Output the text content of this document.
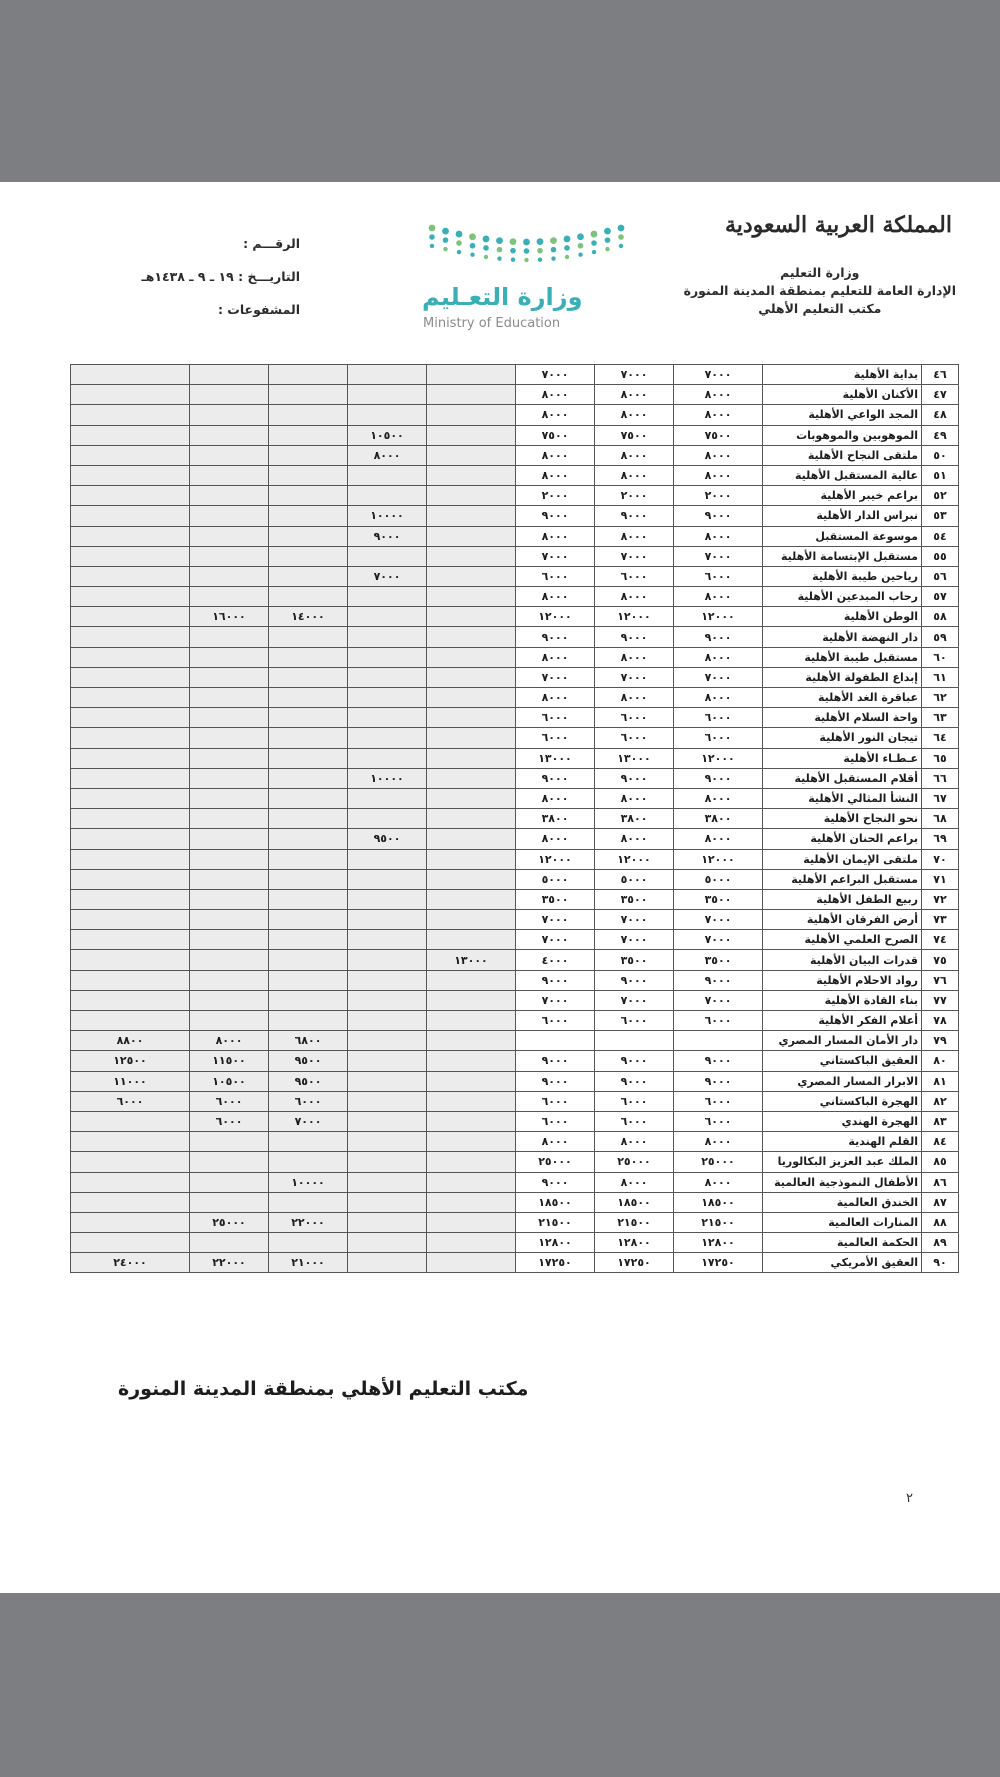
المملكة العربية السعودية
وزارة التعليم
الإدارة العامة للتعليم بمنطقة المدينة المنورة
مكتب التعليم الأهلي
وزارة التعـليم
Ministry of Education
الرقـــم :
التاريـــخ : ١٩ ـ ٩ ـ ١٤٣٨هـ
المشفوعات :
٤٦	بداية الأهلية	٧٠٠٠	٧٠٠٠	٧٠٠٠					
٤٧	الأكنان الأهلية	٨٠٠٠	٨٠٠٠	٨٠٠٠					
٤٨	المجد الواعي الأهلية	٨٠٠٠	٨٠٠٠	٨٠٠٠					
٤٩	الموهوبين والموهوبات	٧٥٠٠	٧٥٠٠	٧٥٠٠		١٠٥٠٠			
٥٠	ملتقى النجاح الأهلية	٨٠٠٠	٨٠٠٠	٨٠٠٠		٨٠٠٠			
٥١	عالية المستقبل الأهلية	٨٠٠٠	٨٠٠٠	٨٠٠٠					
٥٢	براعم خيبر الأهلية	٢٠٠٠	٢٠٠٠	٢٠٠٠					
٥٣	نبراس الدار الأهلية	٩٠٠٠	٩٠٠٠	٩٠٠٠		١٠٠٠٠			
٥٤	موسوعة المستقبل	٨٠٠٠	٨٠٠٠	٨٠٠٠		٩٠٠٠			
٥٥	مستقبل الإبتسامة الأهلية	٧٠٠٠	٧٠٠٠	٧٠٠٠					
٥٦	رياحين طيبة الأهلية	٦٠٠٠	٦٠٠٠	٦٠٠٠		٧٠٠٠			
٥٧	رحاب المبدعين الأهلية	٨٠٠٠	٨٠٠٠	٨٠٠٠					
٥٨	الوطن الأهلية	١٢٠٠٠	١٢٠٠٠	١٢٠٠٠			١٤٠٠٠	١٦٠٠٠	
٥٩	دار النهضة الأهلية	٩٠٠٠	٩٠٠٠	٩٠٠٠					
٦٠	مستقبل طيبة الأهلية	٨٠٠٠	٨٠٠٠	٨٠٠٠					
٦١	إبداع الطفولة الأهلية	٧٠٠٠	٧٠٠٠	٧٠٠٠					
٦٢	عباقرة الغد الأهلية	٨٠٠٠	٨٠٠٠	٨٠٠٠					
٦٣	واحة السلام الأهلية	٦٠٠٠	٦٠٠٠	٦٠٠٠					
٦٤	تيجان النور الأهلية	٦٠٠٠	٦٠٠٠	٦٠٠٠					
٦٥	عـطـاء الأهلية	١٢٠٠٠	١٣٠٠٠	١٣٠٠٠					
٦٦	أقلام المستقبل الأهلية	٩٠٠٠	٩٠٠٠	٩٠٠٠		١٠٠٠٠			
٦٧	النشأ المثالي الأهلية	٨٠٠٠	٨٠٠٠	٨٠٠٠					
٦٨	نحو النجاح الأهلية	٣٨٠٠	٣٨٠٠	٣٨٠٠					
٦٩	براعم الحنان الأهلية	٨٠٠٠	٨٠٠٠	٨٠٠٠		٩٥٠٠			
٧٠	ملتقى الإيمان الأهلية	١٢٠٠٠	١٢٠٠٠	١٢٠٠٠					
٧١	مستقبل البراعم الأهلية	٥٠٠٠	٥٠٠٠	٥٠٠٠					
٧٢	ربيع الطفل الأهلية	٣٥٠٠	٣٥٠٠	٣٥٠٠					
٧٣	أرض الفرقان الأهلية	٧٠٠٠	٧٠٠٠	٧٠٠٠					
٧٤	الصرح العلمي الأهلية	٧٠٠٠	٧٠٠٠	٧٠٠٠					
٧٥	قدرات البيان الأهلية	٣٥٠٠	٣٥٠٠	٤٠٠٠	١٣٠٠٠				
٧٦	رواد الاحلام الأهلية	٩٠٠٠	٩٠٠٠	٩٠٠٠					
٧٧	بناء القادة الأهلية	٧٠٠٠	٧٠٠٠	٧٠٠٠					
٧٨	أعلام الفكر الأهلية	٦٠٠٠	٦٠٠٠	٦٠٠٠					
٧٩	دار الأمان المسار المصري						٦٨٠٠	٨٠٠٠	٨٨٠٠
٨٠	العقيق الباكستاني	٩٠٠٠	٩٠٠٠	٩٠٠٠			٩٥٠٠	١١٥٠٠	١٢٥٠٠
٨١	الابرار المسار المصري	٩٠٠٠	٩٠٠٠	٩٠٠٠			٩٥٠٠	١٠٥٠٠	١١٠٠٠
٨٢	الهجرة الباكستاني	٦٠٠٠	٦٠٠٠	٦٠٠٠			٦٠٠٠	٦٠٠٠	٦٠٠٠
٨٣	الهجرة الهندي	٦٠٠٠	٦٠٠٠	٦٠٠٠			٧٠٠٠	٦٠٠٠	
٨٤	القلم الهندية	٨٠٠٠	٨٠٠٠	٨٠٠٠					
٨٥	الملك عبد العزيز البكالوريا	٢٥٠٠٠	٢٥٠٠٠	٢٥٠٠٠					
٨٦	الأطفال النموذجية العالمية	٨٠٠٠	٨٠٠٠	٩٠٠٠			١٠٠٠٠		
٨٧	الخندق العالمية	١٨٥٠٠	١٨٥٠٠	١٨٥٠٠					
٨٨	المنارات العالمية	٢١٥٠٠	٢١٥٠٠	٢١٥٠٠			٢٢٠٠٠	٢٥٠٠٠	
٨٩	الحكمة العالمية	١٢٨٠٠	١٢٨٠٠	١٢٨٠٠					
٩٠	العقيق الأمريكي	١٧٢٥٠	١٧٢٥٠	١٧٢٥٠			٢١٠٠٠	٢٢٠٠٠	٢٤٠٠٠
مكتب التعليم الأهلي بمنطقة المدينة المنورة
٢
